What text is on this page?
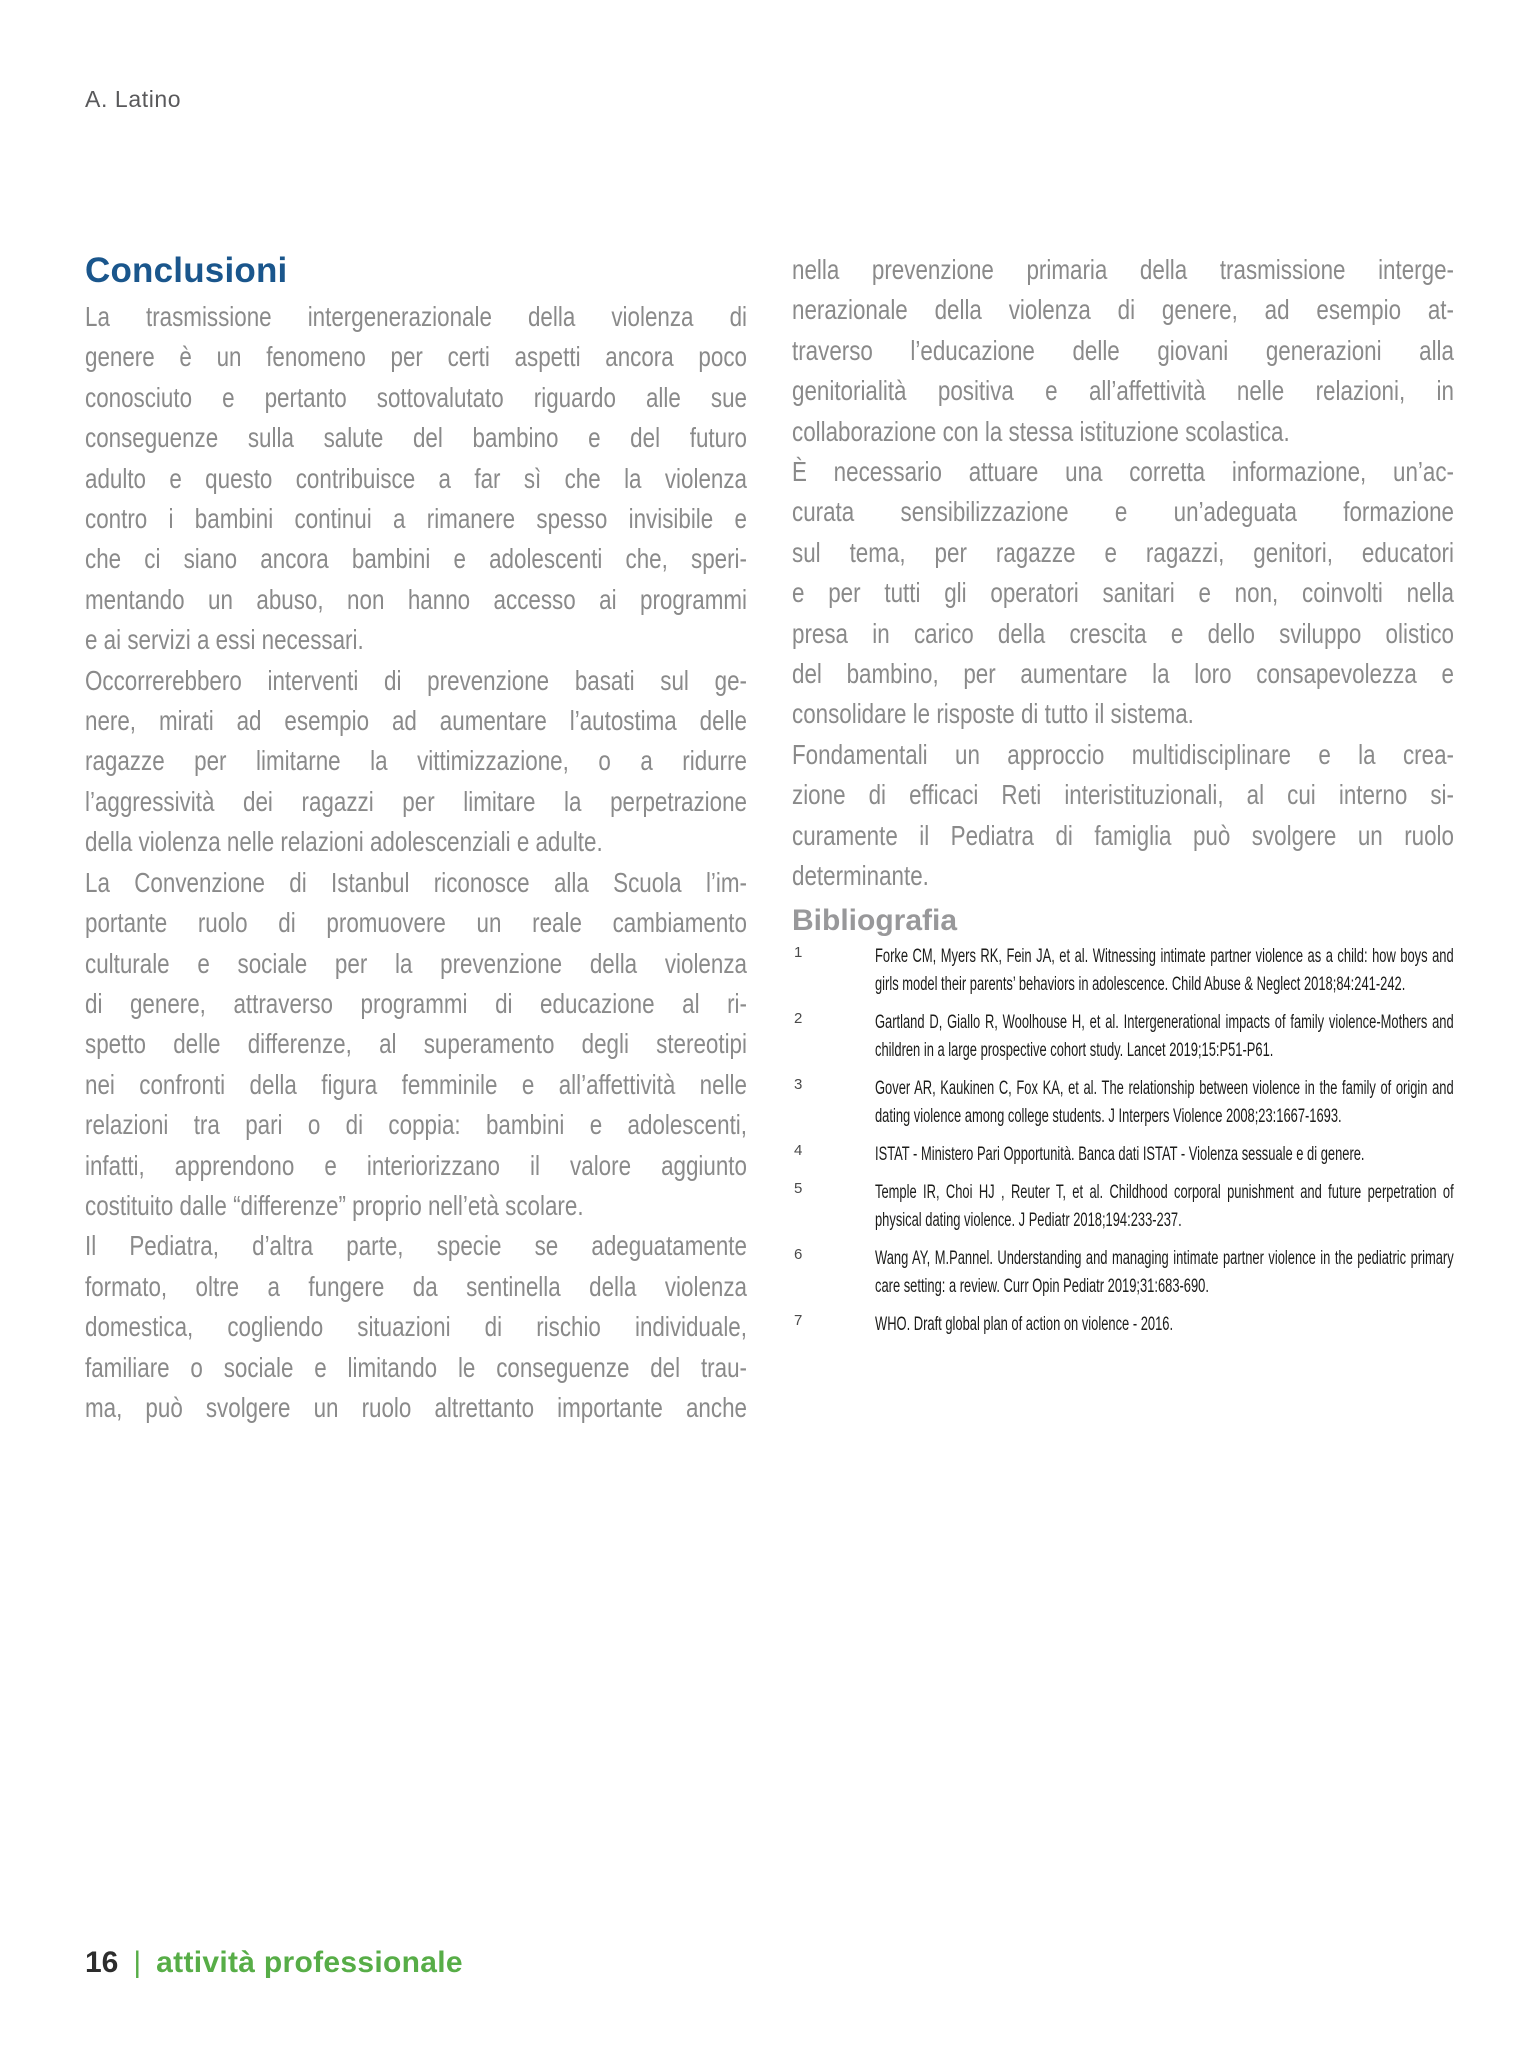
A. Latino
Conclusioni
La trasmissione intergenerazionale della violenza di
genere è un fenomeno per certi aspetti ancora poco
conosciuto e pertanto sottovalutato riguardo alle sue
conseguenze sulla salute del bambino e del futuro
adulto e questo contribuisce a far sì che la violenza
contro i bambini continui a rimanere spesso invisibile e
che ci siano ancora bambini e adolescenti che, speri-
mentando un abuso, non hanno accesso ai programmi
e ai servizi a essi necessari.
Occorrerebbero interventi di prevenzione basati sul ge-
nere, mirati ad esempio ad aumentare l’autostima delle
ragazze per limitarne la vittimizzazione, o a ridurre
l’aggressività dei ragazzi per limitare la perpetrazione
della violenza nelle relazioni adolescenziali e adulte.
La Convenzione di Istanbul riconosce alla Scuola l’im-
portante ruolo di promuovere un reale cambiamento
culturale e sociale per la prevenzione della violenza
di genere, attraverso programmi di educazione al ri-
spetto delle differenze, al superamento degli stereotipi
nei confronti della figura femminile e all’affettività nelle
relazioni tra pari o di coppia: bambini e adolescenti,
infatti, apprendono e interiorizzano il valore aggiunto
costituito dalle “differenze” proprio nell’età scolare.
Il Pediatra, d’altra parte, specie se adeguatamente
formato, oltre a fungere da sentinella della violenza
domestica, cogliendo situazioni di rischio individuale,
familiare o sociale e limitando le conseguenze del trau-
ma, può svolgere un ruolo altrettanto importante anche
nella prevenzione primaria della trasmissione interge-
nerazionale della violenza di genere, ad esempio at-
traverso l’educazione delle giovani generazioni alla
genitorialità positiva e all’affettività nelle relazioni, in
collaborazione con la stessa istituzione scolastica.
È necessario attuare una corretta informazione, un’ac-
curata sensibilizzazione e un’adeguata formazione
sul tema, per ragazze e ragazzi, genitori, educatori
e per tutti gli operatori sanitari e non, coinvolti nella
presa in carico della crescita e dello sviluppo olistico
del bambino, per aumentare la loro consapevolezza e
consolidare le risposte di tutto il sistema.
Fondamentali un approccio multidisciplinare e la crea-
zione di efficaci Reti interistituzionali, al cui interno si-
curamente il Pediatra di famiglia può svolgere un ruolo
determinante.
Bibliografia
1	Forke CM, Myers RK, Fein JA, et al. Witnessing intimate partner violence as a child: how boys and girls model their parents’ behaviors in adolescence. Child Abuse & Neglect 2018;84:241-242.
2	Gartland D, Giallo R, Woolhouse H, et al. Intergenerational impacts of family violence-Mothers and children in a large prospective cohort study. Lancet 2019;15:P51-P61.
3	Gover AR, Kaukinen C, Fox KA, et al. The relationship between violence in the family of origin and dating violence among college students. J Interpers Violence 2008;23:1667-1693.
4	ISTAT - Ministero Pari Opportunità. Banca dati ISTAT - Violenza sessuale e di genere.
5	Temple IR, Choi HJ , Reuter T, et al. Childhood corporal punishment and future perpetration of physical dating violence. J Pediatr 2018;194:233-237.
6	Wang AY, M.Pannel. Understanding and managing intimate partner violence in the pediatric primary care setting: a review. Curr Opin Pediatr 2019;31:683-690.
7	WHO. Draft global plan of action on violence - 2016.
16 | attività professionale
